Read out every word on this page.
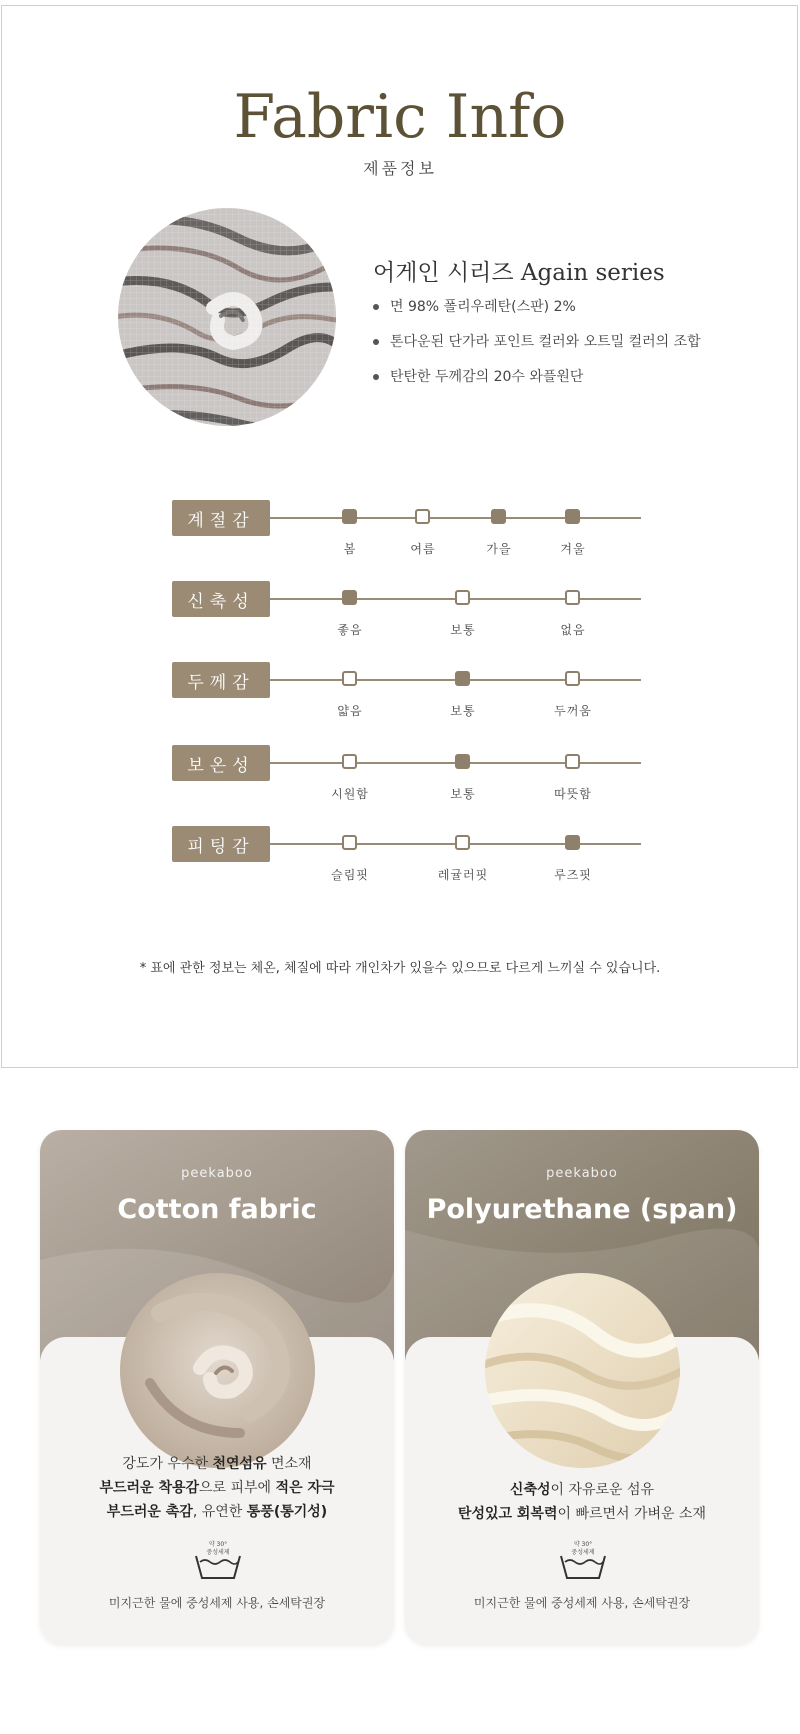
Fabric Info
제품정보
어게인 시리즈 Again series
면 98% 폴리우레탄(스판) 2%
톤다운된 단가라 포인트 컬러와 오트밀 컬러의 조합
탄탄한 두께감의 20수 와플원단
계절감
봄	여름	가을	겨울
신축성
좋음	보통	없음
두께감
얇음	보통	두꺼움
보온성
시원함	보통	따뜻함
피팅감
슬림핏	레귤러핏	루즈핏
* 표에 관한 정보는 체온, 체질에 따라 개인차가 있을수 있으므로 다르게 느끼실 수 있습니다.
peekaboo
Cotton fabric
강도가 우수한 천연섬유 면소재
부드러운 착용감으로 피부에 적은 자극
부드러운 촉감, 유연한 통풍(통기성)
약 30°
중성세제
미지근한 물에 중성세제 사용, 손세탁권장
peekaboo
Polyurethane (span)
신축성이 자유로운 섬유
탄성있고 회복력이 빠르면서 가벼운 소재
약 30°
중성세제
미지근한 물에 중성세제 사용, 손세탁권장
